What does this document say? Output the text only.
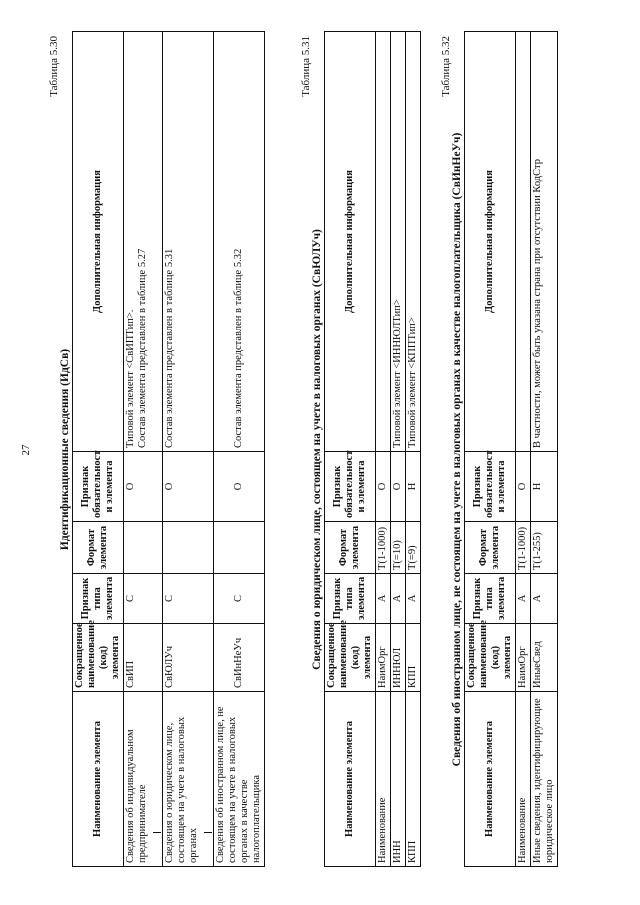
27
Таблица 5.30
Идентификационные сведения (ИдСв)
Наименование элемента	Сокращенное наименование (код) элемента	Признак типа элемента	Формат элемента	Признак обязательност и элемента	Дополнительная информация
Сведения об индивидуальном предпринимателе	СвИП	С		О	Типовой элемент <СвИПТип>. Состав элемента представлен в таблице 5.27

Сведения о юридическом лице, состоящем на учете в налоговых органах	СвЮЛУч	С		О	Состав элемента представлен в таблице 5.31
Сведения об иностранном лице, не состоящем на учете в налоговых органах в качестве налогоплательщика	СвИнНеУч	С		О	Состав элемента представлен в таблице 5.32
Таблица 5.31
Сведения о юридическом лице, состоящем на учете в налоговых органах (СвЮЛУч)
Наименование элемента	Сокращенное наименование (код) элемента	Признак типа элемента	Формат элемента	Признак обязательност и элемента	Дополнительная информация
Наименование	НаимОрг	А	T(1-1000)	О	
ИНН	ИННЮЛ	А	T(=10)	О	Типовой элемент <ИННЮЛТип>
КПП	КПП	А	T(=9)	Н	Типовой элемент <КППТип>
Таблица 5.32
Сведения об иностранном лице, не состоящем на учете в налоговых органах в качестве налогоплательщика (СвИнНеУч)
Наименование элемента	Сокращенное наименование (код) элемента	Признак типа элемента	Формат элемента	Признак обязательност и элемента	Дополнительная информация
Наименование	НаимОрг	А	T(1-1000)	О	
Иные сведения, идентифицирующие юридическое лицо	ИныеСвед	А	T(1-255)	Н	В частности, может быть указана страна при отсутствии КодСтр
